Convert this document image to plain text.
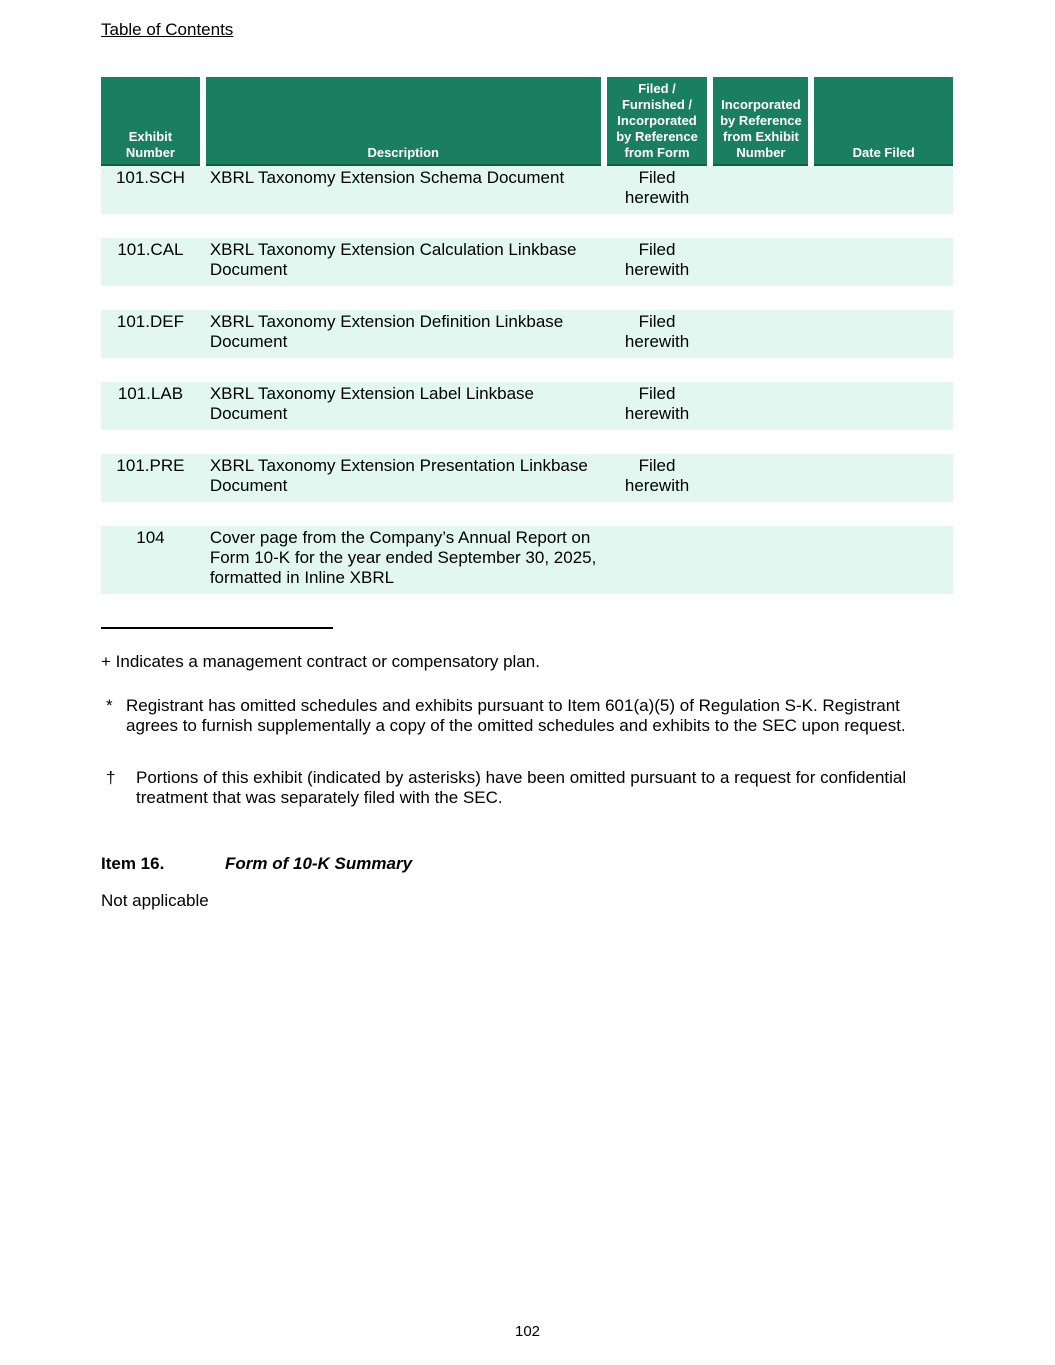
Table of Contents
Exhibit Number		Description		Filed / Furnished / Incorporated by Reference from Form		Incorporated by Reference from Exhibit Number		Date Filed
101.SCH		XBRL Taxonomy Extension Schema Document		Filed herewith				

101.CAL		XBRL Taxonomy Extension Calculation Linkbase Document		Filed herewith				

101.DEF		XBRL Taxonomy Extension Definition Linkbase Document		Filed herewith				

101.LAB		XBRL Taxonomy Extension Label Linkbase Document		Filed herewith				

101.PRE		XBRL Taxonomy Extension Presentation Linkbase Document		Filed herewith				

104		Cover page from the Company’s Annual Report on Form 10-K for the year ended September 30, 2025, formatted in Inline XBRL						
+ Indicates a management contract or compensatory plan.
* Registrant has omitted schedules and exhibits pursuant to Item 601(a)(5) of Regulation S-K. Registrant agrees to furnish supplementally a copy of the omitted schedules and exhibits to the SEC upon request.
† Portions of this exhibit (indicated by asterisks) have been omitted pursuant to a request for confidential treatment that was separately filed with the SEC.
Item 16.	Form of 10-K Summary
Not applicable
102
